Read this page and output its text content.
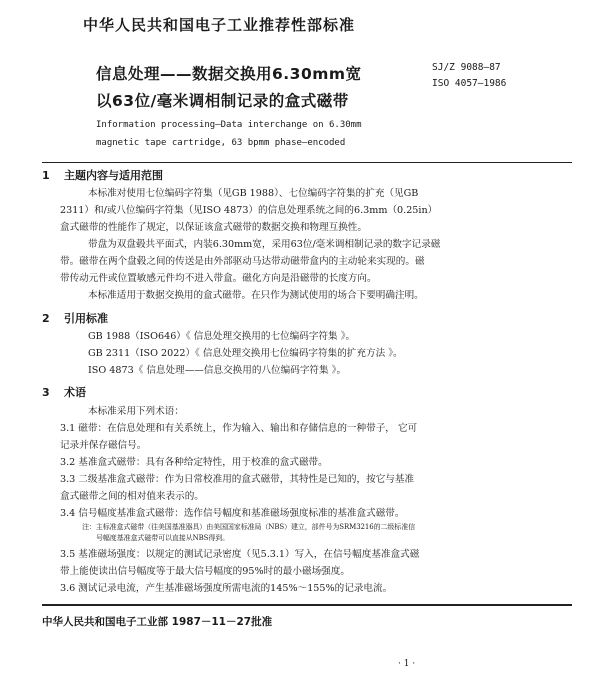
中华人民共和国电子工业推荐性部标准
信息处理——数据交换用6.30mm宽
以63位/毫米调相制记录的盒式磁带
SJ/Z 9088—87
ISO 4057—1986
Information processing—Data interchange on 6.30mm
magnetic tape cartridge, 63 bpmm phase—encoded
1 主题内容与适用范围
本标准对使用七位编码字符集（见GB 1988）、七位编码字符集的扩充（见GB
2311）和/或八位编码字符集（见ISO 4873）的信息处理系统之间的6.3mm（0.25in）
盒式磁带的性能作了规定，以保证该盒式磁带的数据交换和物理互换性。
带盘为双盘毂共平面式，内装6.30mm宽，采用63位/毫米调相制记录的数字记录磁
带。磁带在两个盘毂之间的传送是由外部驱动马达带动磁带盒内的主动轮来实现的。磁
带传动元件或位置敏感元件均不进入带盒。磁化方向是沿磁带的长度方向。
本标准适用于数据交换用的盒式磁带。在只作为测试使用的场合下要明确注明。
2 引用标准
GB 1988（ISO646）《 信息处理交换用的七位编码字符集 》。
GB 2311（ISO 2022）《 信息处理交换用七位编码字符集的扩充方法 》。
ISO 4873《 信息处理——信息交换用的八位编码字符集 》。
3 术语
本标准采用下列术语：
3.1 磁带：在信息处理和有关系统上，作为输入、输出和存储信息的一种带子， 它可
记录并保存磁信号。
3.2 基准盒式磁带：具有各种给定特性，用于校准的盒式磁带。
3.3 二级基准盒式磁带：作为日常校准用的盒式磁带，其特性是已知的，按它与基准
盒式磁带之间的相对值来表示的。
3.4 信号幅度基准盒式磁带：选作信号幅度和基准磁场强度标准的基准盒式磁带。
注：主标准盒式磁带（往美国基准器具）由美国国家标准局（NBS）建立，部件号为SRM3216的二级标准信
号幅度基准盒式磁带可以直接从NBS得到。
3.5 基准磁场强度：以规定的测试记录密度（见5.3.1）写入，在信号幅度基准盒式磁
带上能使读出信号幅度等于最大信号幅度的95%时的最小磁场强度。
3.6 测试记录电流，产生基准磁场强度所需电流的145%～155%的记录电流。
中华人民共和国电子工业部 1987－11－27批准
· 1 ·
